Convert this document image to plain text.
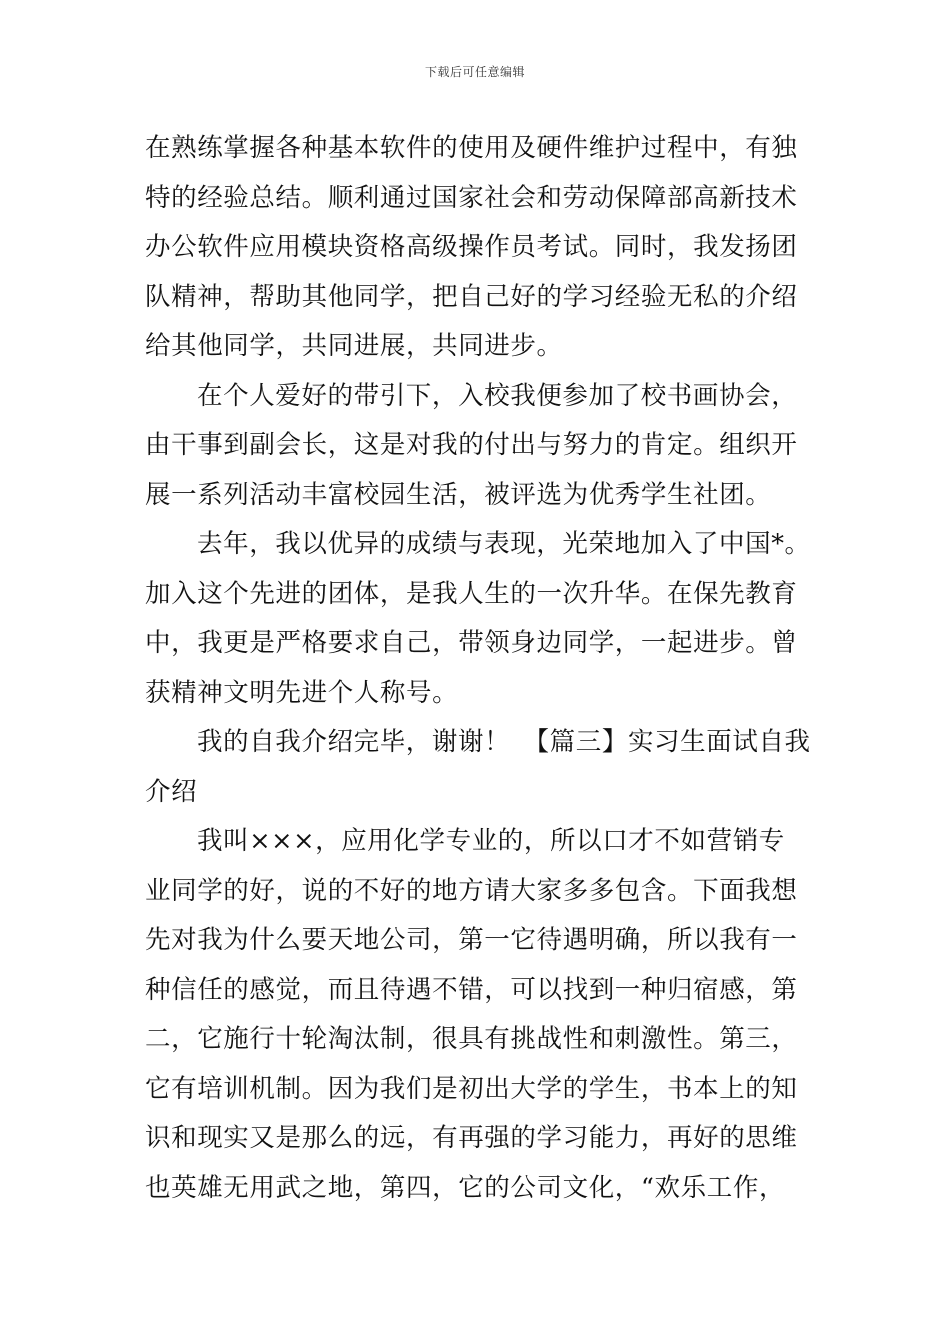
下载后可任意编辑
在熟练掌握各种基本软件的使用及硬件维护过程中，有独
特的经验总结。顺利通过国家社会和劳动保障部高新技术
办公软件应用模块资格高级操作员考试。同时，我发扬团
队精神，帮助其他同学，把自己好的学习经验无私的介绍
给其他同学，共同进展，共同进步。
在个人爱好的带引下，入校我便参加了校书画协会，
由干事到副会长，这是对我的付出与努力的肯定。组织开
展一系列活动丰富校园生活，被评选为优秀学生社团。
去年，我以优异的成绩与表现，光荣地加入了中国*。
加入这个先进的团体，是我人生的一次升华。在保先教育
中，我更是严格要求自己，带领身边同学，一起进步。曾
获精神文明先进个人称号。
我的自我介绍完毕，谢谢！　【篇三】实习生面试自我
介绍
我叫×××，应用化学专业的，所以口才不如营销专
业同学的好，说的不好的地方请大家多多包含。下面我想
先对我为什么要天地公司，第一它待遇明确，所以我有一
种信任的感觉，而且待遇不错，可以找到一种归宿感，第
二，它施行十轮淘汰制，很具有挑战性和刺激性。第三，
它有培训机制。因为我们是初出大学的学生，书本上的知
识和现实又是那么的远，有再强的学习能力，再好的思维
也英雄无用武之地，第四，它的公司文化，“欢乐工作，
